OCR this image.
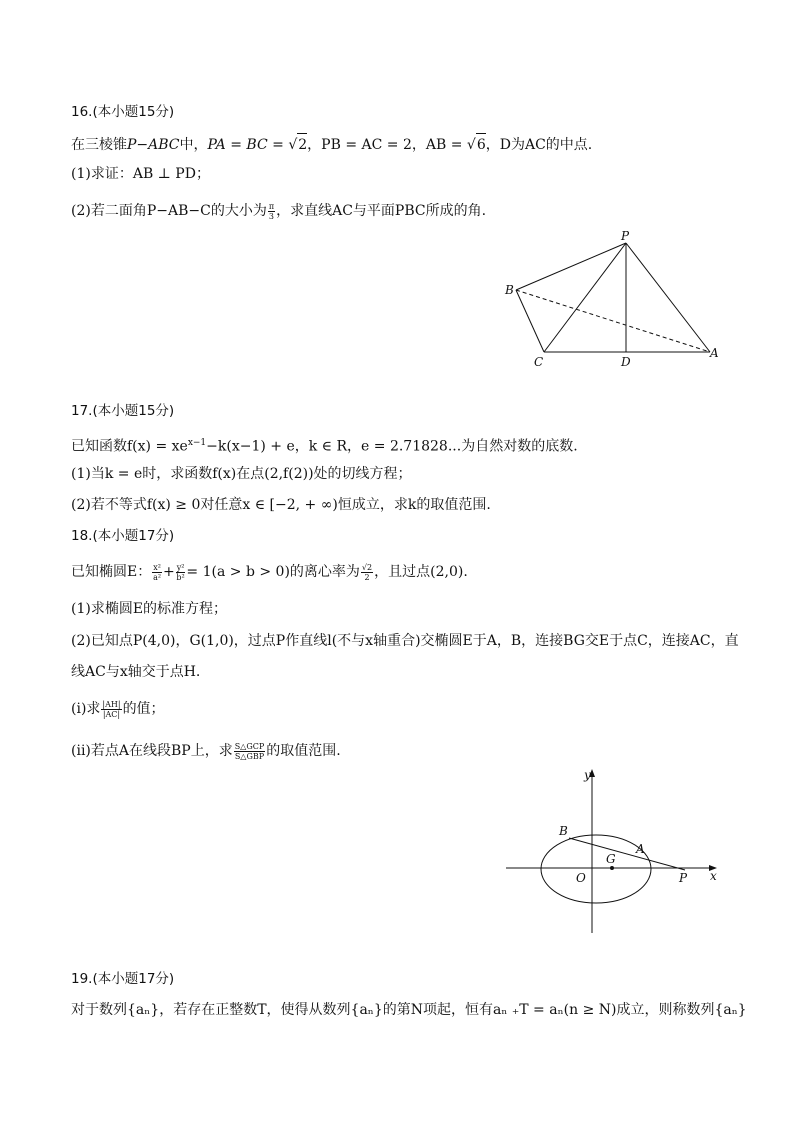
16.(本小题15分)
在三棱锥P−ABC中，PA = BC = √2，PB = AC = 2，AB = √6，D为AC的中点.
(1)求证：AB ⊥ PD；
(2)若二面角P−AB−C的大小为 $\frac{\pi}{3}$ ，求直线AC与平面PBC所成的角.
P
B
C	D
A
17.(本小题15分)
已知函数$f(x) = xe^{x-1}-k(x-1) + e$，k ∈ R，e = 2.71828...为自然对数的底数.
(1)当k = e时，求函数f(x)在点(2,f(2))处的切线方程；
(2)若不等式f(x) ≥ 0对任意x ∈ [−2, + ∞)恒成立，求k的取值范围.
18.(本小题17分)
已知椭圆E： $\frac{\text{x²}}{\text{a²}} + \frac{\text{y²}}{\text{b²}} = 1(a > b > 0)$的离心率为 $\frac{√2}{2}$ ，且过点(2,0).
(1)求椭圆E的标准方程；
(2)已知点P(4,0)，G(1,0)，过点P作直线l(不与x轴重合)交椭圆E于A，B，连接BG交E于点C，连接AC，直
线AC与x轴交于点H.
(i)求 $\frac{|AH|}{|AC|}$ 的值；
(ii)若点A在线段BP上，求 $\frac{\text{S△GCP}}{\text{S△GBP}}$ 的取值范围.
y
x
B
A
G
O	P
19.(本小题17分)
对于数列{aₙ}，若存在正整数T，使得从数列{aₙ}的第N项起，恒有aₙ ₊T = aₙ(n ≥ N)成立，则称数列{aₙ}
